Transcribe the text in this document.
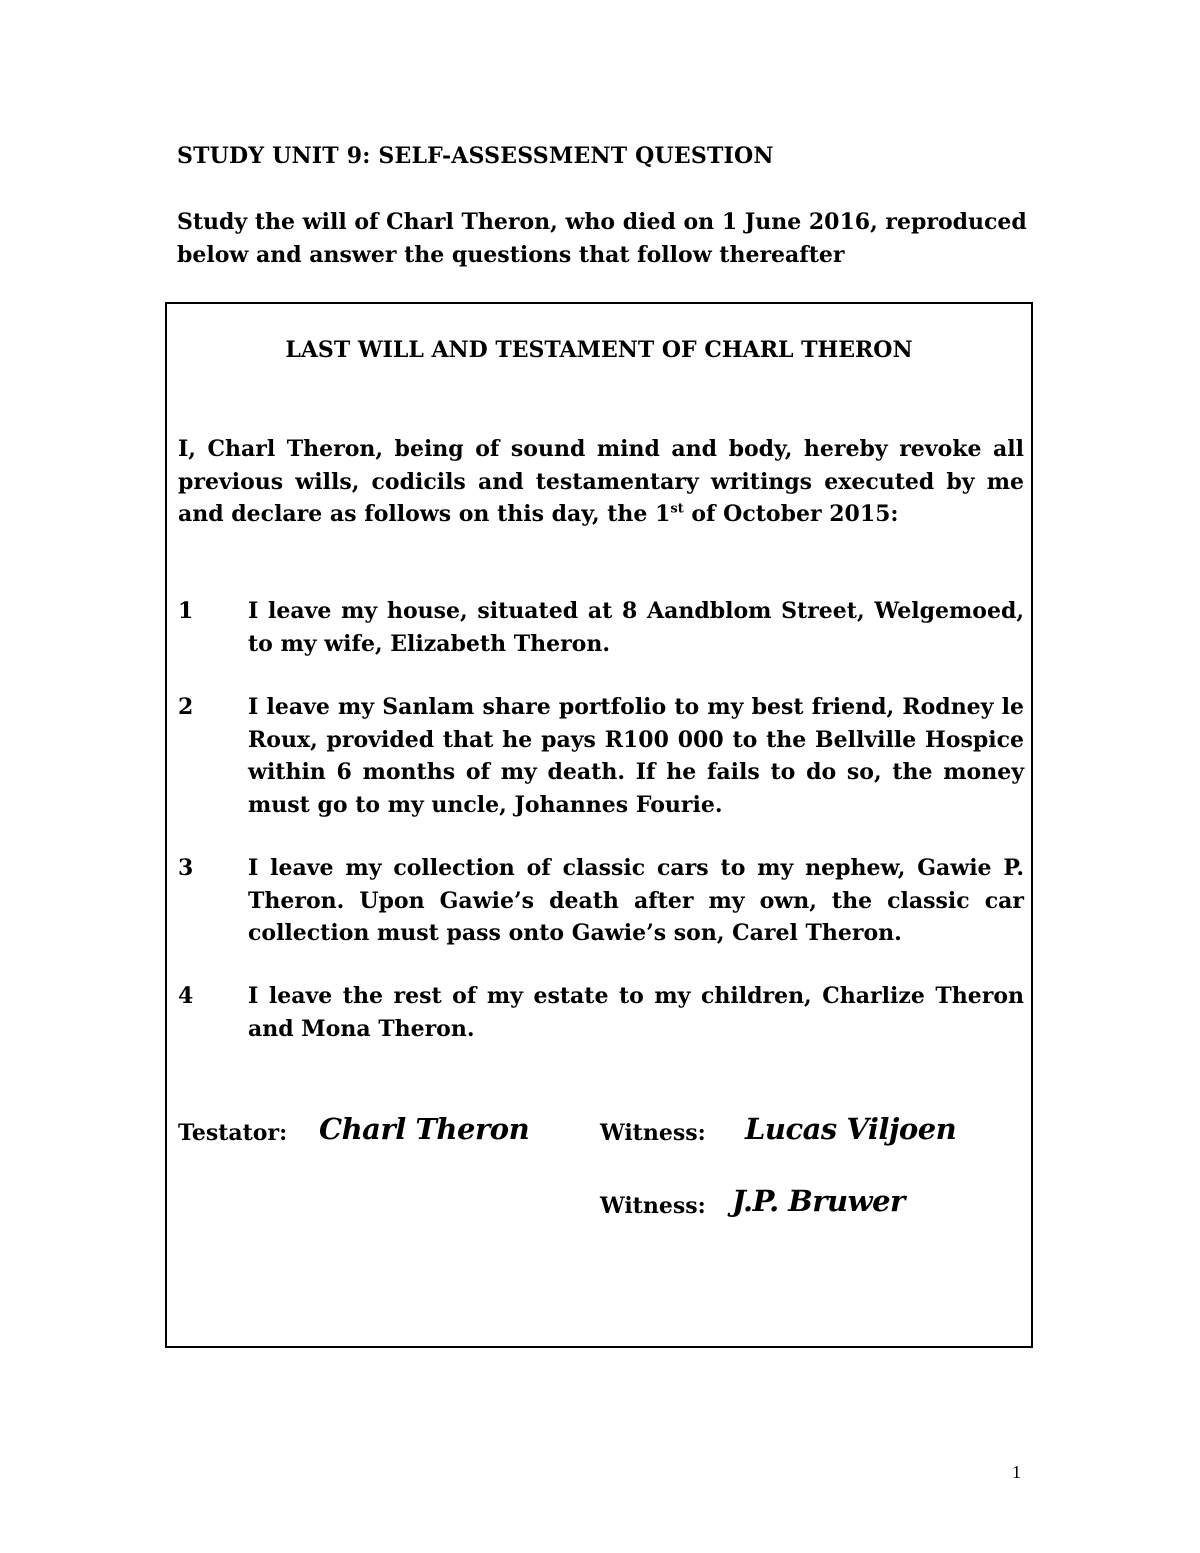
STUDY UNIT 9: SELF-ASSESSMENT QUESTION
Study the will of Charl Theron, who died on 1 June 2016, reproduced below and answer the questions that follow thereafter
LAST WILL AND TESTAMENT OF CHARL THERON
I, Charl Theron, being of sound mind and body, hereby revoke all previous wills, codicils and testamentary writings executed by me and declare as follows on this day, the 1st of October 2015:
1 I leave my house, situated at 8 Aandblom Street, Welgemoed, to my wife, Elizabeth Theron.
2 I leave my Sanlam share portfolio to my best friend, Rodney le Roux, provided that he pays R100 000 to the Bellville Hospice within 6 months of my death. If he fails to do so, the money must go to my uncle, Johannes Fourie.
3 I leave my collection of classic cars to my nephew, Gawie P. Theron. Upon Gawie’s death after my own, the classic car collection must pass onto Gawie’s son, Carel Theron.
4 I leave the rest of my estate to my children, Charlize Theron and Mona Theron.
Testator: Charl Theron	Witness: Lucas Viljoen
Witness: J.P. Bruwer
1
